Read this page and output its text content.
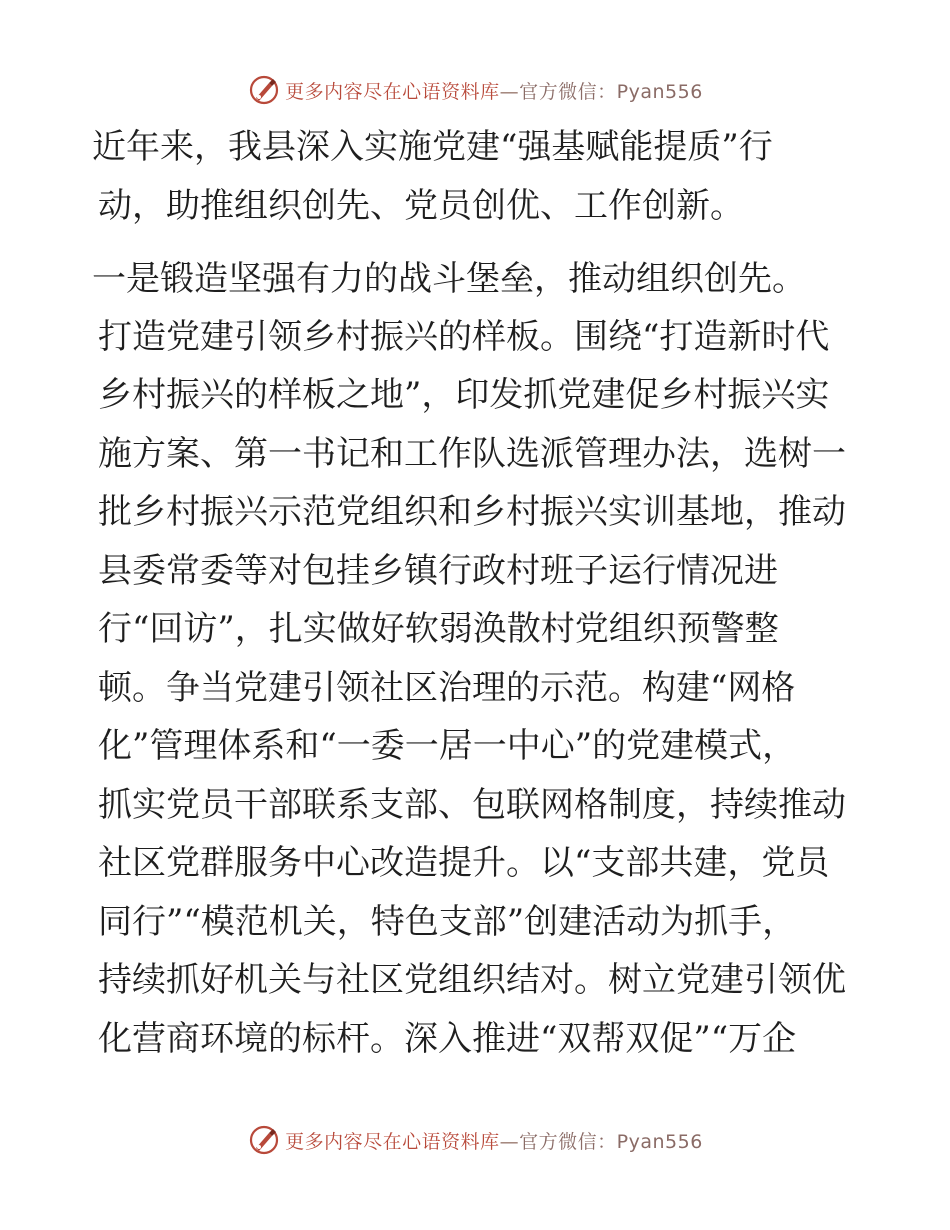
更多内容尽在心语资料库—官方微信：Pyan556
近年来，我县深入实施党建“强基赋能提质”行
动，助推组织创先、党员创优、工作创新。
一是锻造坚强有力的战斗堡垒，推动组织创先。
打造党建引领乡村振兴的样板。围绕“打造新时代
乡村振兴的样板之地”，印发抓党建促乡村振兴实
施方案、第一书记和工作队选派管理办法，选树一
批乡村振兴示范党组织和乡村振兴实训基地，推动
县委常委等对包挂乡镇行政村班子运行情况进
行“回访”，扎实做好软弱涣散村党组织预警整
顿。争当党建引领社区治理的示范。构建“网格
化”管理体系和“一委一居一中心”的党建模式，
抓实党员干部联系支部、包联网格制度，持续推动
社区党群服务中心改造提升。以“支部共建，党员
同行”“模范机关，特色支部”创建活动为抓手，
持续抓好机关与社区党组织结对。树立党建引领优
化营商环境的标杆。深入推进“双帮双促”“万企
更多内容尽在心语资料库—官方微信：Pyan556
